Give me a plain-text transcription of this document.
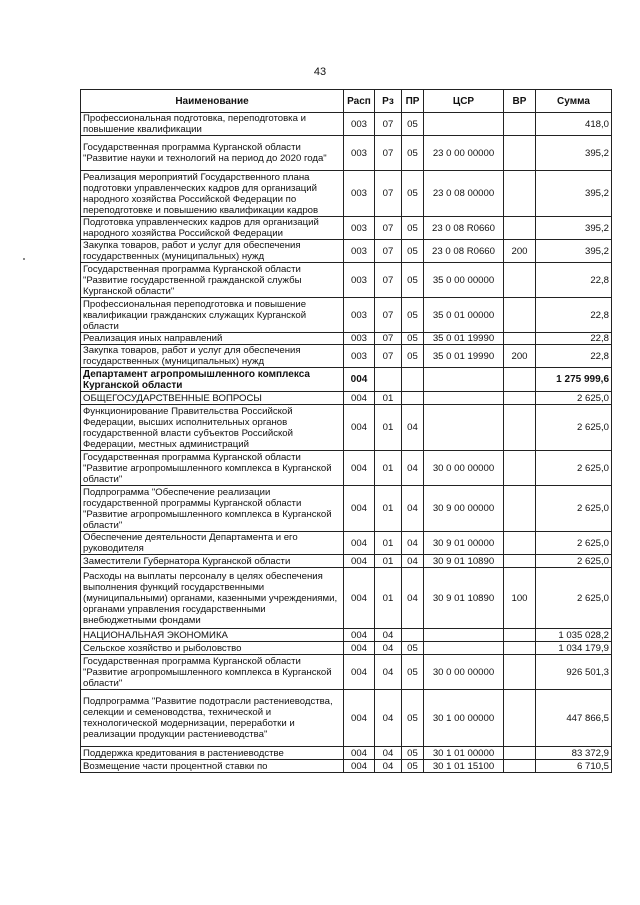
43
Наименование	Расп	Рз	ПР	ЦСР	ВР	Сумма
Профессиональная подготовка, переподготовка и повышение квалификации	003	07	05			418,0
Государственная программа Курганской области "Развитие науки и технологий на период до 2020 года"	003	07	05	23 0 00 00000		395,2
Реализация мероприятий Государственного плана подготовки управленческих кадров для организаций народного хозяйства Российской Федерации по переподготовке и повышению квалификации кадров	003	07	05	23 0 08 00000		395,2
Подготовка управленческих кадров для организаций народного хозяйства Российской Федерации	003	07	05	23 0 08 R0660		395,2
Закупка товаров, работ и услуг для обеспечения государственных (муниципальных) нужд	003	07	05	23 0 08 R0660	200	395,2
Государственная программа Курганской области "Развитие государственной гражданской службы Курганской области"	003	07	05	35 0 00 00000		22,8
Профессиональная переподготовка и повышение квалификации гражданских служащих Курганской области	003	07	05	35 0 01 00000		22,8
Реализация иных направлений	003	07	05	35 0 01 19990		22,8
Закупка товаров, работ и услуг для обеспечения государственных (муниципальных) нужд	003	07	05	35 0 01 19990	200	22,8
Департамент агропромышленного комплекса Курганской области	004					1 275 999,6
ОБЩЕГОСУДАРСТВЕННЫЕ ВОПРОСЫ	004	01				2 625,0
Функционирование Правительства Российской Федерации, высших исполнительных органов государственной власти субъектов Российской Федерации, местных администраций	004	01	04			2 625,0
Государственная программа Курганской области "Развитие агропромышленного комплекса в Курганской области"	004	01	04	30 0 00 00000		2 625,0
Подпрограмма "Обеспечение реализации государственной программы Курганской области "Развитие агропромышленного комплекса в Курганской области"	004	01	04	30 9 00 00000		2 625,0
Обеспечение деятельности Департамента и его руководителя	004	01	04	30 9 01 00000		2 625,0
Заместители Губернатора Курганской области	004	01	04	30 9 01 10890		2 625,0
Расходы на выплаты персоналу в целях обеспечения выполнения функций государственными (муниципальными) органами, казенными учреждениями, органами управления государственными внебюджетными фондами	004	01	04	30 9 01 10890	100	2 625,0
НАЦИОНАЛЬНАЯ ЭКОНОМИКА	004	04				1 035 028,2
Сельское хозяйство и рыболовство	004	04	05			1 034 179,9
Государственная программа Курганской области "Развитие агропромышленного комплекса в Курганской области"	004	04	05	30 0 00 00000		926 501,3
Подпрограмма "Развитие подотрасли растениеводства, селекции и семеноводства, технической и технологической модернизации, переработки и реализации продукции растениеводства"	004	04	05	30 1 00 00000		447 866,5
Поддержка кредитования в растениеводстве	004	04	05	30 1 01 00000		83 372,9
Возмещение части процентной ставки по	004	04	05	30 1 01 15100		6 710,5
